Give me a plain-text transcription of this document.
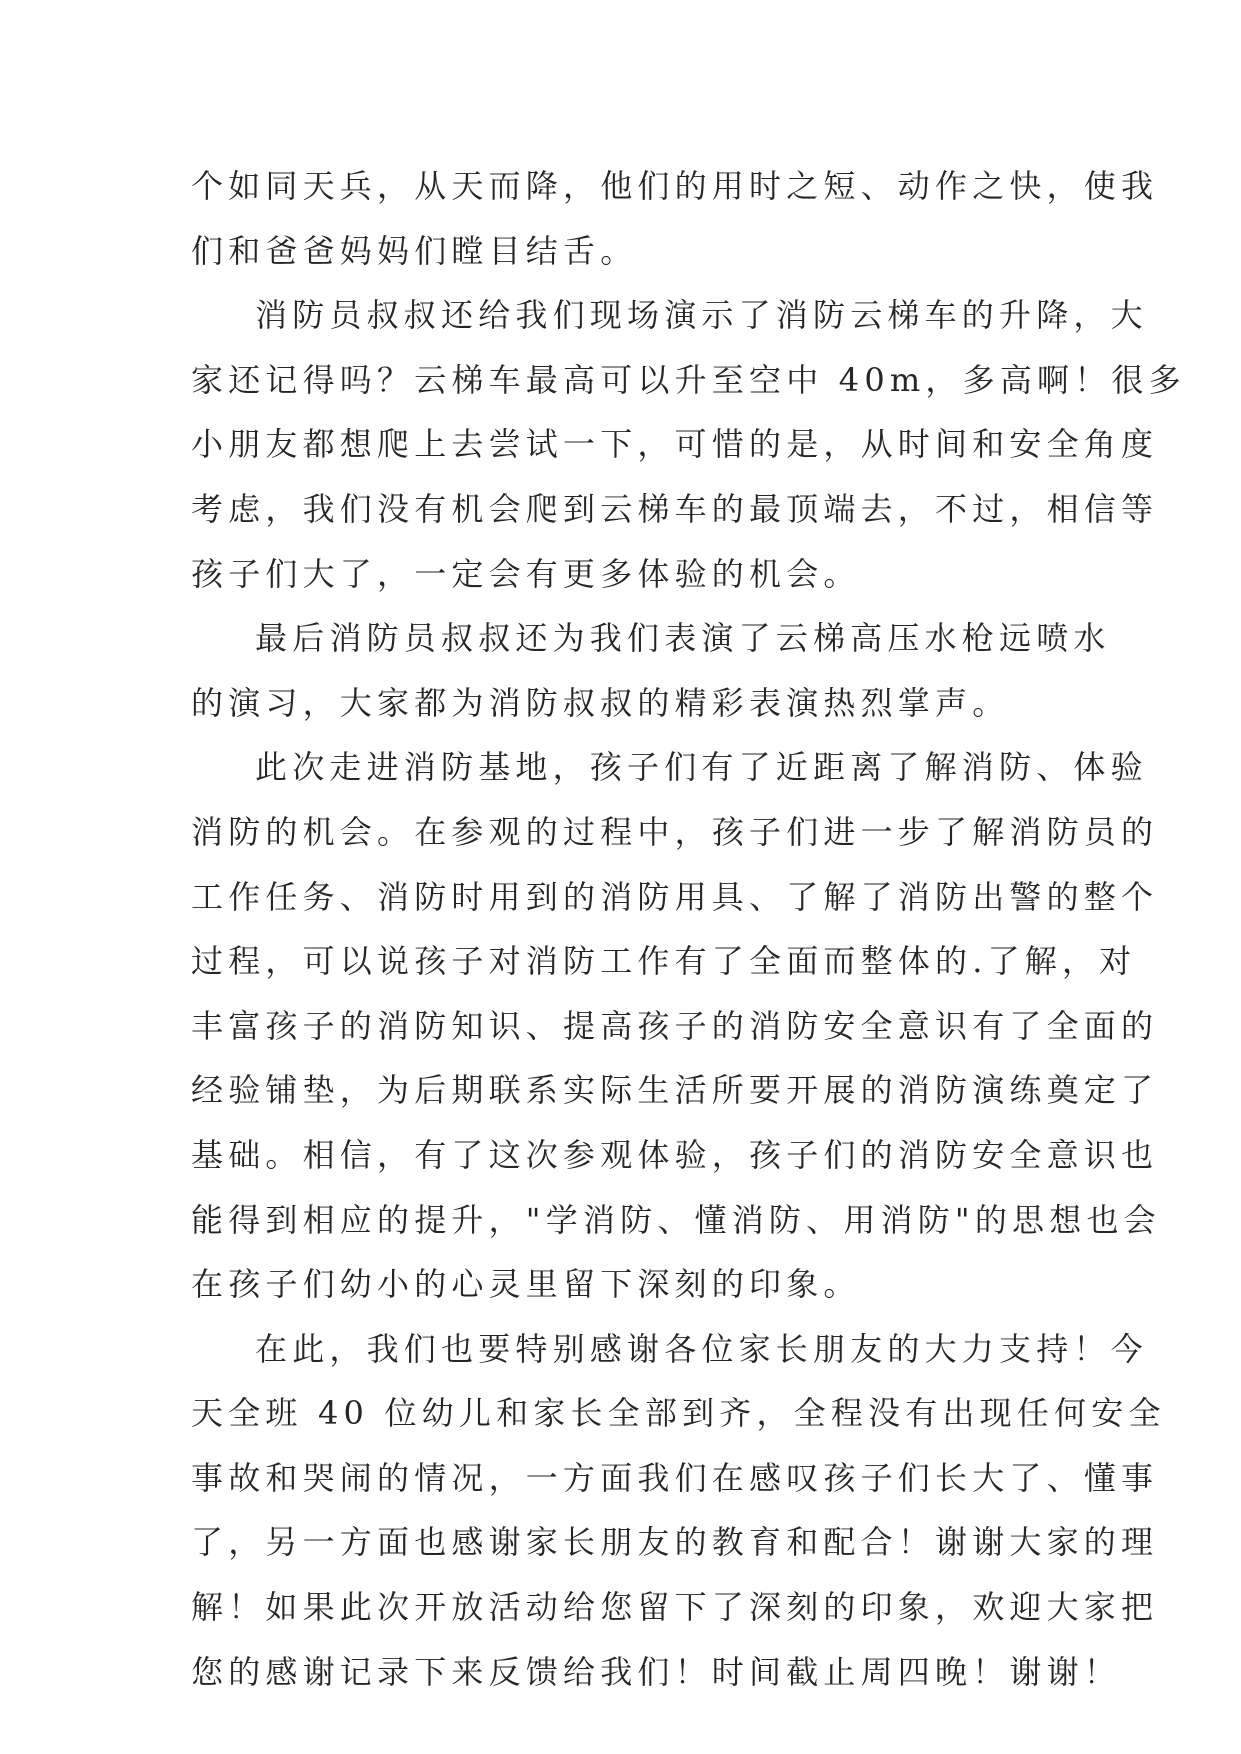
个如同天兵，从天而降，他们的用时之短、动作之快，使我
们和爸爸妈妈们瞠目结舌。
消防员叔叔还给我们现场演示了消防云梯车的升降，大
家还记得吗？云梯车最高可以升至空中 40m，多高啊！很多
小朋友都想爬上去尝试一下，可惜的是，从时间和安全角度
考虑，我们没有机会爬到云梯车的最顶端去，不过，相信等
孩子们大了，一定会有更多体验的机会。
最后消防员叔叔还为我们表演了云梯高压水枪远喷水
的演习，大家都为消防叔叔的精彩表演热烈掌声。
此次走进消防基地，孩子们有了近距离了解消防、体验
消防的机会。在参观的过程中，孩子们进一步了解消防员的
工作任务、消防时用到的消防用具、了解了消防出警的整个
过程，可以说孩子对消防工作有了全面而整体的.了解，对
丰富孩子的消防知识、提高孩子的消防安全意识有了全面的
经验铺垫，为后期联系实际生活所要开展的消防演练奠定了
基础。相信，有了这次参观体验，孩子们的消防安全意识也
能得到相应的提升，"学消防、懂消防、用消防"的思想也会
在孩子们幼小的心灵里留下深刻的印象。
在此，我们也要特别感谢各位家长朋友的大力支持！今
天全班 40 位幼儿和家长全部到齐，全程没有出现任何安全
事故和哭闹的情况，一方面我们在感叹孩子们长大了、懂事
了，另一方面也感谢家长朋友的教育和配合！谢谢大家的理
解！如果此次开放活动给您留下了深刻的印象，欢迎大家把
您的感谢记录下来反馈给我们！时间截止周四晚！谢谢！
